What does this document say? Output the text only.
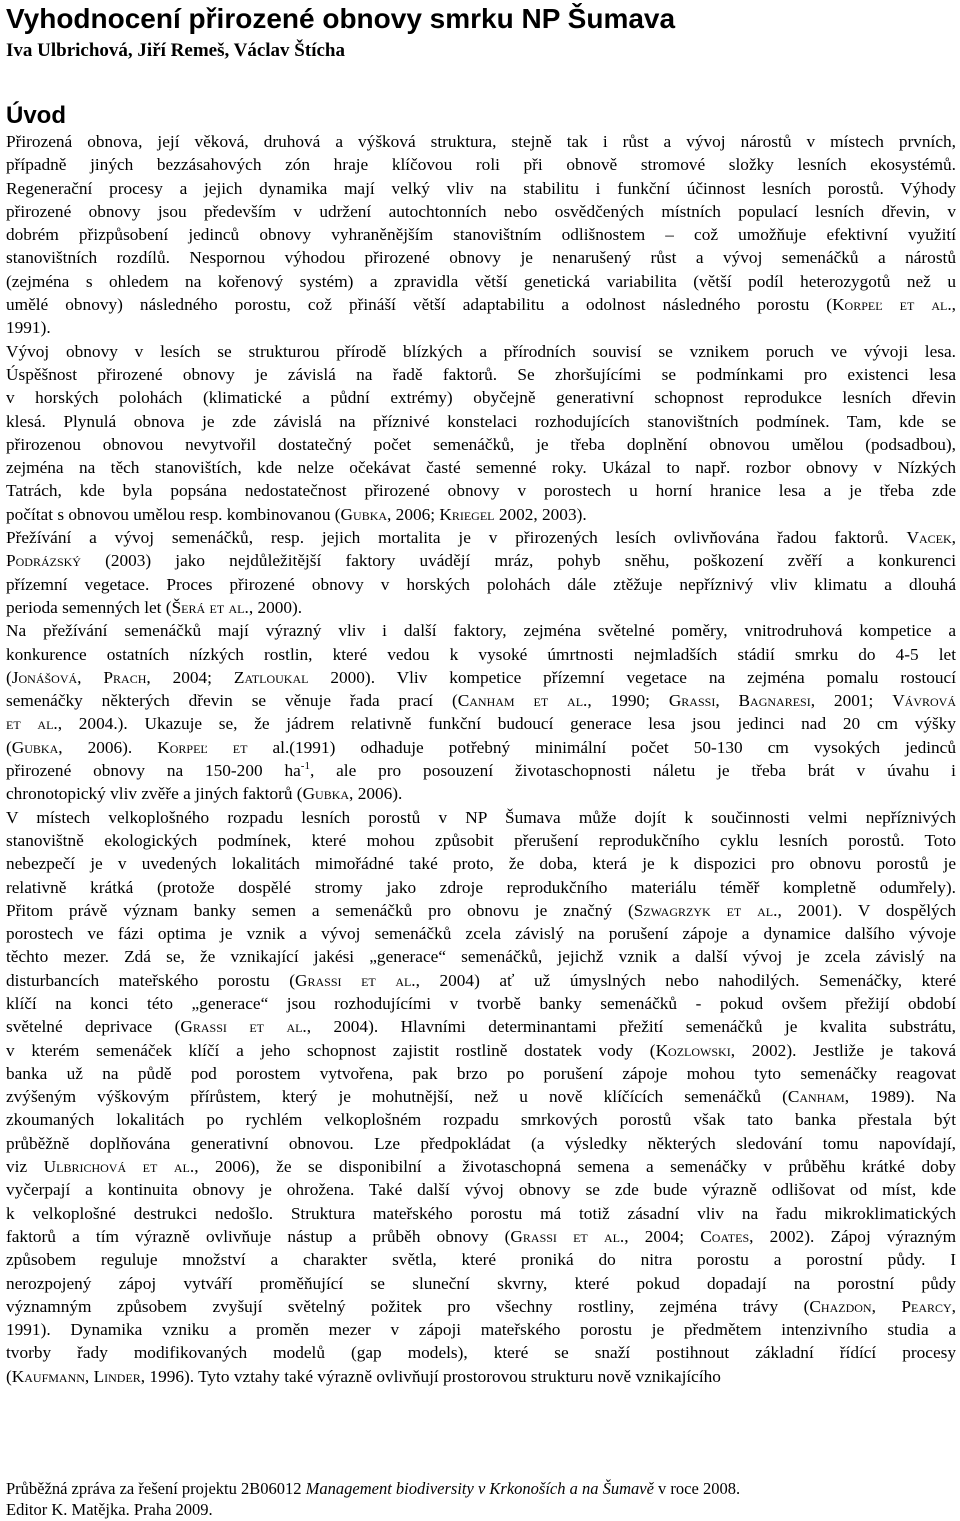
Vyhodnocení přirozené obnovy smrku NP Šumava
Iva Ulbrichová, Jiří Remeš, Václav Štícha
Úvod
Přirozená obnova, její věková, druhová a výšková struktura, stejně tak i růst a vývoj nárostů v místech prvních,
případně jiných bezzásahových zón hraje klíčovou roli při obnově stromové složky lesních ekosystémů.
Regenerační procesy a jejich dynamika mají velký vliv na stabilitu i funkční účinnost lesních porostů. Výhody
přirozené obnovy jsou především v udržení autochtonních nebo osvědčených místních populací lesních dřevin, v
dobrém přizpůsobení jedinců obnovy vyhraněnějším stanovištním odlišnostem – což umožňuje efektivní využití
stanovištních rozdílů. Nespornou výhodou přirozené obnovy je nenarušený růst a vývoj semenáčků a nárostů
(zejména s ohledem na kořenový systém) a zpravidla větší genetická variabilita (větší podíl heterozygotů než u
umělé obnovy) následného porostu, což přináší větší adaptabilitu a odolnost následného porostu (Korpeľ et al.,
1991).
Vývoj obnovy v lesích se strukturou přírodě blízkých a přírodních souvisí se vznikem poruch ve vývoji lesa.
Úspěšnost přirozené obnovy je závislá na řadě faktorů. Se zhoršujícími se podmínkami pro existenci lesa
v horských polohách (klimatické a půdní extrémy) obyčejně generativní schopnost reprodukce lesních dřevin
klesá. Plynulá obnova je zde závislá na příznivé konstelaci rozhodujících stanovištních podmínek. Tam, kde se
přirozenou obnovou nevytvořil dostatečný počet semenáčků, je třeba doplnění obnovou umělou (podsadbou),
zejména na těch stanovištích, kde nelze očekávat časté semenné roky. Ukázal to např. rozbor obnovy v Nízkých
Tatrách, kde byla popsána nedostatečnost přirozené obnovy v porostech u horní hranice lesa a je třeba zde
počítat s obnovou umělou resp. kombinovanou (Gubka, 2006; Kriegel 2002, 2003).
Přežívání a vývoj semenáčků, resp. jejich mortalita je v přirozených lesích ovlivňována řadou faktorů. Vacek,
Podrázský (2003) jako nejdůležitější faktory uvádějí mráz, pohyb sněhu, poškození zvěří a konkurenci
přízemní vegetace. Proces přirozené obnovy v horských polohách dále ztěžuje nepříznivý vliv klimatu a dlouhá
perioda semenných let (Šerá et al., 2000).
Na přežívání semenáčků mají výrazný vliv i další faktory, zejména světelné poměry, vnitrodruhová kompetice a
konkurence ostatních nízkých rostlin, které vedou k vysoké úmrtnosti nejmladších stádií smrku do 4-5 let
(Jonášová, Prach, 2004; Zatloukal 2000). Vliv kompetice přízemní vegetace na zejména pomalu rostoucí
semenáčky některých dřevin se věnuje řada prací (Canham et al., 1990; Grassi, Bagnaresi, 2001; Vávrová
et al., 2004.). Ukazuje se, že jádrem relativně funkční budoucí generace lesa jsou jedinci nad 20 cm výšky
(Gubka, 2006). Korpeľ et al.(1991) odhaduje potřebný minimální počet 50-130 cm vysokých jedinců
přirozené obnovy na 150-200 $ha^{-1}$, ale pro posouzení životaschopnosti náletu je třeba brát v úvahu i
chronotopický vliv zvěře a jiných faktorů (Gubka, 2006).
V místech velkoplošného rozpadu lesních porostů v NP Šumava může dojít k součinnosti velmi nepříznivých
stanovištně ekologických podmínek, které mohou způsobit přerušení reprodukčního cyklu lesních porostů. Toto
nebezpečí je v uvedených lokalitách mimořádné také proto, že doba, která je k dispozici pro obnovu porostů je
relativně krátká (protože dospělé stromy jako zdroje reprodukčního materiálu téměř kompletně odumřely).
Přitom právě význam banky semen a semenáčků pro obnovu je značný (Szwagrzyk et al., 2001). V dospělých
porostech ve fázi optima je vznik a vývoj semenáčků zcela závislý na porušení zápoje a dynamice dalšího vývoje
těchto mezer. Zdá se, že vznikající jakési „generace“ semenáčků, jejichž vznik a další vývoj je zcela závislý na
disturbancích mateřského porostu (Grassi et al., 2004) ať už úmyslných nebo nahodilých. Semenáčky, které
klíčí na konci této „generace“ jsou rozhodujícími v tvorbě banky semenáčků - pokud ovšem přežijí období
světelné deprivace (Grassi et al., 2004). Hlavními determinantami přežití semenáčků je kvalita substrátu,
v kterém semenáček klíčí a jeho schopnost zajistit rostlině dostatek vody (Kozlowski, 2002). Jestliže je taková
banka už na půdě pod porostem vytvořena, pak brzo po porušení zápoje mohou tyto semenáčky reagovat
zvýšeným výškovým přírůstem, který je mohutnější, než u nově klíčících semenáčků (Canham, 1989). Na
zkoumaných lokalitách po rychlém velkoplošném rozpadu smrkových porostů však tato banka přestala být
průběžně doplňována generativní obnovou. Lze předpokládat (a výsledky některých sledování tomu napovídají,
viz Ulbrichová et al., 2006), že se disponibilní a životaschopná semena a semenáčky v průběhu krátké doby
vyčerpají a kontinuita obnovy je ohrožena. Také další vývoj obnovy se zde bude výrazně odlišovat od míst, kde
k velkoplošné destrukci nedošlo. Struktura mateřského porostu má totiž zásadní vliv na řadu mikroklimatických
faktorů a tím výrazně ovlivňuje nástup a průběh obnovy (Grassi et al., 2004; Coates, 2002). Zápoj výrazným
způsobem reguluje množství a charakter světla, které proniká do nitra porostu a porostní půdy. I
nerozpojený zápoj vytváří proměňující se sluneční skvrny, které pokud dopadají na porostní půdy
významným způsobem zvyšují světelný požitek pro všechny rostliny, zejména trávy (Chazdon, Pearcy,
1991). Dynamika vzniku a proměn mezer v zápoji mateřského porostu je předmětem intenzivního studia a
tvorby řady modifikovaných modelů (gap models), které se snaží postihnout základní řídící procesy
(Kaufmann, Linder, 1996). Tyto vztahy také výrazně ovlivňují prostorovou strukturu nově vznikajícího
Průběžná zpráva za řešení projektu 2B06012 Management biodiversity v Krkonoších a na Šumavě v roce 2008.
Editor K. Matějka. Praha 2009.
